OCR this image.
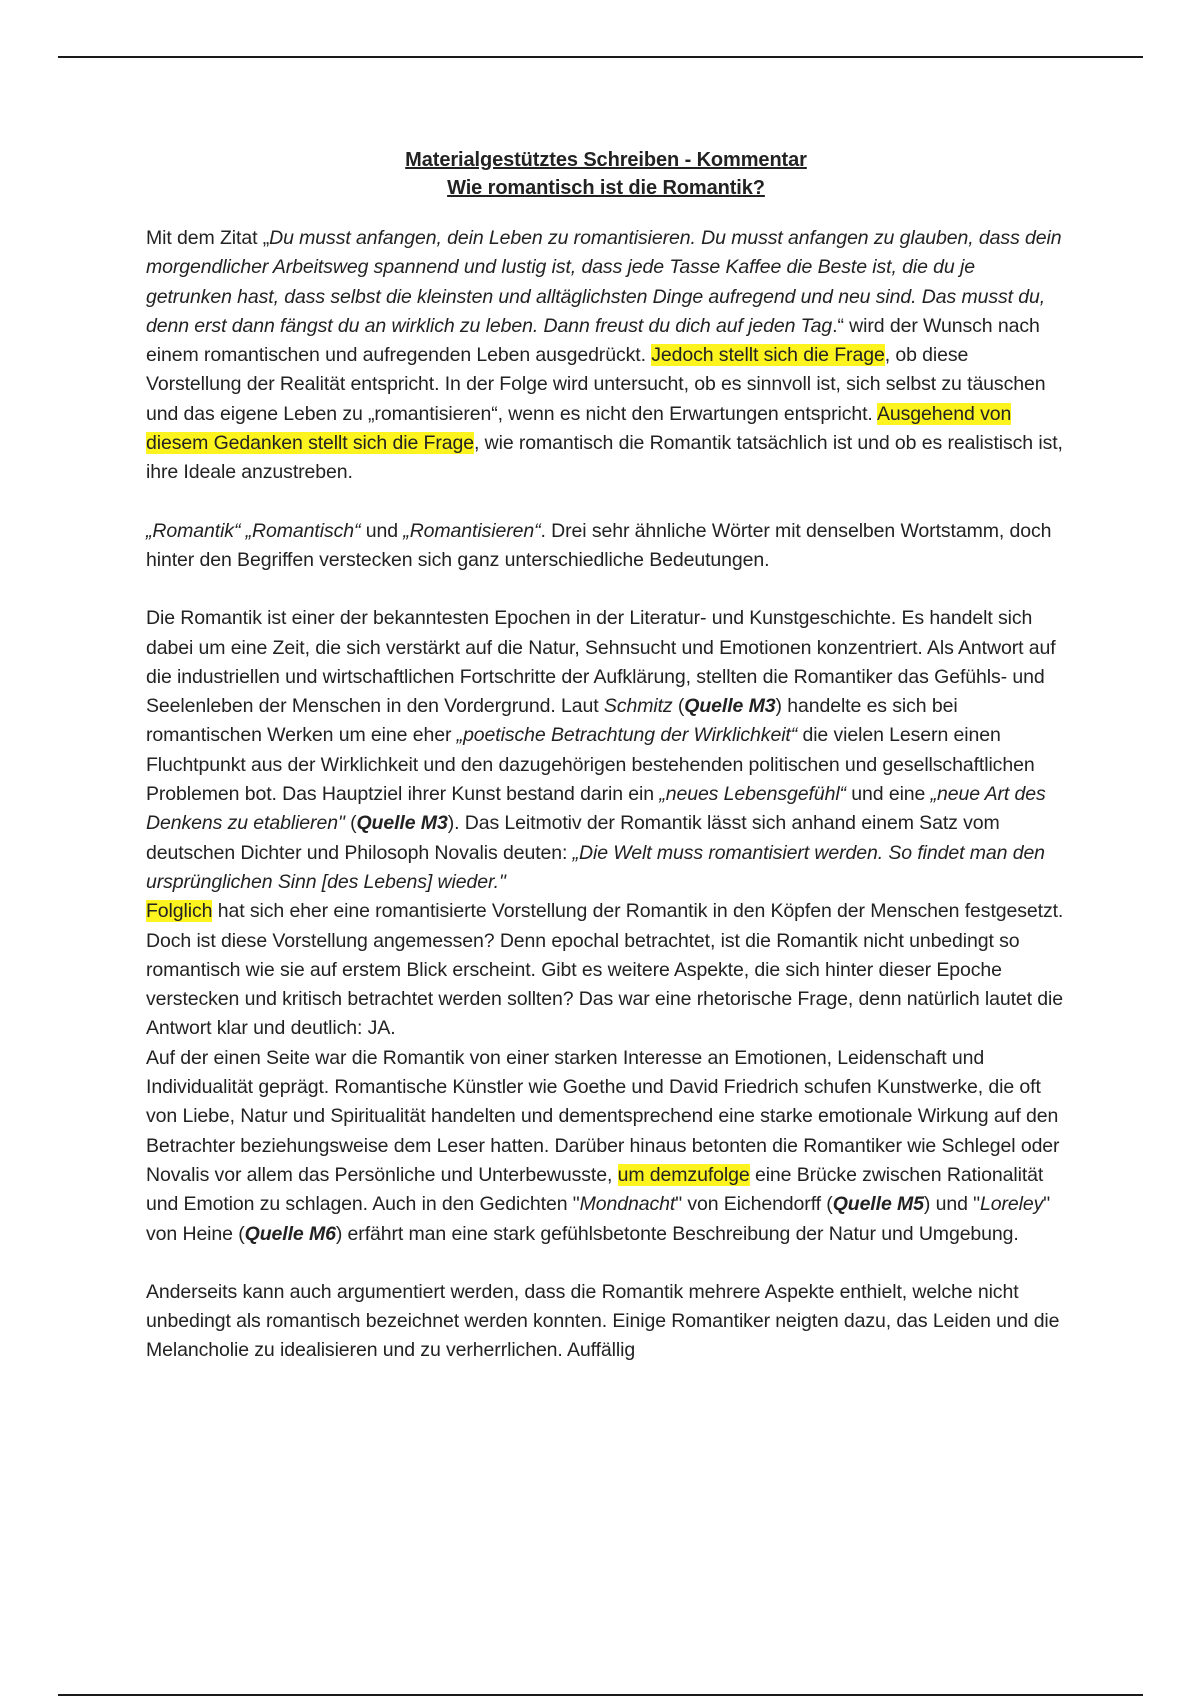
Materialgestütztes Schreiben - Kommentar
Wie romantisch ist die Romantik?

Mit dem Zitat „Du musst anfangen, dein Leben zu romantisieren. Du musst anfangen zu glauben, dass dein morgendlicher Arbeitsweg spannend und lustig ist, dass jede Tasse Kaffee die Beste ist, die du je getrunken hast, dass selbst die kleinsten und alltäglichsten Dinge aufregend und neu sind. Das musst du, denn erst dann fängst du an wirklich zu leben. Dann freust du dich auf jeden Tag.“ wird der Wunsch nach einem romantischen und aufregenden Leben ausgedrückt. Jedoch stellt sich die Frage, ob diese Vorstellung der Realität entspricht. In der Folge wird untersucht, ob es sinnvoll ist, sich selbst zu täuschen und das eigene Leben zu „romantisieren“, wenn es nicht den Erwartungen entspricht. Ausgehend von diesem Gedanken stellt sich die Frage, wie romantisch die Romantik tatsächlich ist und ob es realistisch ist, ihre Ideale anzustreben.

„Romantik“ „Romantisch“ und „Romantisieren“. Drei sehr ähnliche Wörter mit denselben Wortstamm, doch hinter den Begriffen verstecken sich ganz unterschiedliche Bedeutungen.

Die Romantik ist einer der bekanntesten Epochen in der Literatur- und Kunstgeschichte. Es handelt sich dabei um eine Zeit, die sich verstärkt auf die Natur, Sehnsucht und Emotionen konzentriert. Als Antwort auf die industriellen und wirtschaftlichen Fortschritte der Aufklärung, stellten die Romantiker das Gefühls- und Seelenleben der Menschen in den Vordergrund. Laut Schmitz (Quelle M3) handelte es sich bei romantischen Werken um eine eher „poetische Betrachtung der Wirklichkeit“ die vielen Lesern einen Fluchtpunkt aus der Wirklichkeit und den dazugehörigen bestehenden politischen und gesellschaftlichen Problemen bot. Das Hauptziel ihrer Kunst bestand darin ein „neues Lebensgefühl“ und eine „neue Art des Denkens zu etablieren" (Quelle M3). Das Leitmotiv der Romantik lässt sich anhand einem Satz vom deutschen Dichter und Philosoph Novalis deuten: „Die Welt muss romantisiert werden. So findet man den ursprünglichen Sinn [des Lebens] wieder."

Folglich hat sich eher eine romantisierte Vorstellung der Romantik in den Köpfen der Menschen festgesetzt. Doch ist diese Vorstellung angemessen? Denn epochal betrachtet, ist die Romantik nicht unbedingt so romantisch wie sie auf erstem Blick erscheint. Gibt es weitere Aspekte, die sich hinter dieser Epoche verstecken und kritisch betrachtet werden sollten? Das war eine rhetorische Frage, denn natürlich lautet die Antwort klar und deutlich: JA.

Auf der einen Seite war die Romantik von einer starken Interesse an Emotionen, Leidenschaft und Individualität geprägt. Romantische Künstler wie Goethe und David Friedrich schufen Kunstwerke, die oft von Liebe, Natur und Spiritualität handelten und dementsprechend eine starke emotionale Wirkung auf den Betrachter beziehungsweise dem Leser hatten. Darüber hinaus betonten die Romantiker wie Schlegel oder Novalis vor allem das Persönliche und Unterbewusste, um demzufolge eine Brücke zwischen Rationalität und Emotion zu schlagen. Auch in den Gedichten "Mondnacht" von Eichendorff (Quelle M5) und "Loreley" von Heine (Quelle M6) erfährt man eine stark gefühlsbetonte Beschreibung der Natur und Umgebung.

Anderseits kann auch argumentiert werden, dass die Romantik mehrere Aspekte enthielt, welche nicht unbedingt als romantisch bezeichnet werden konnten. Einige Romantiker neigten dazu, das Leiden und die Melancholie zu idealisieren und zu verherrlichen. Auffällig
